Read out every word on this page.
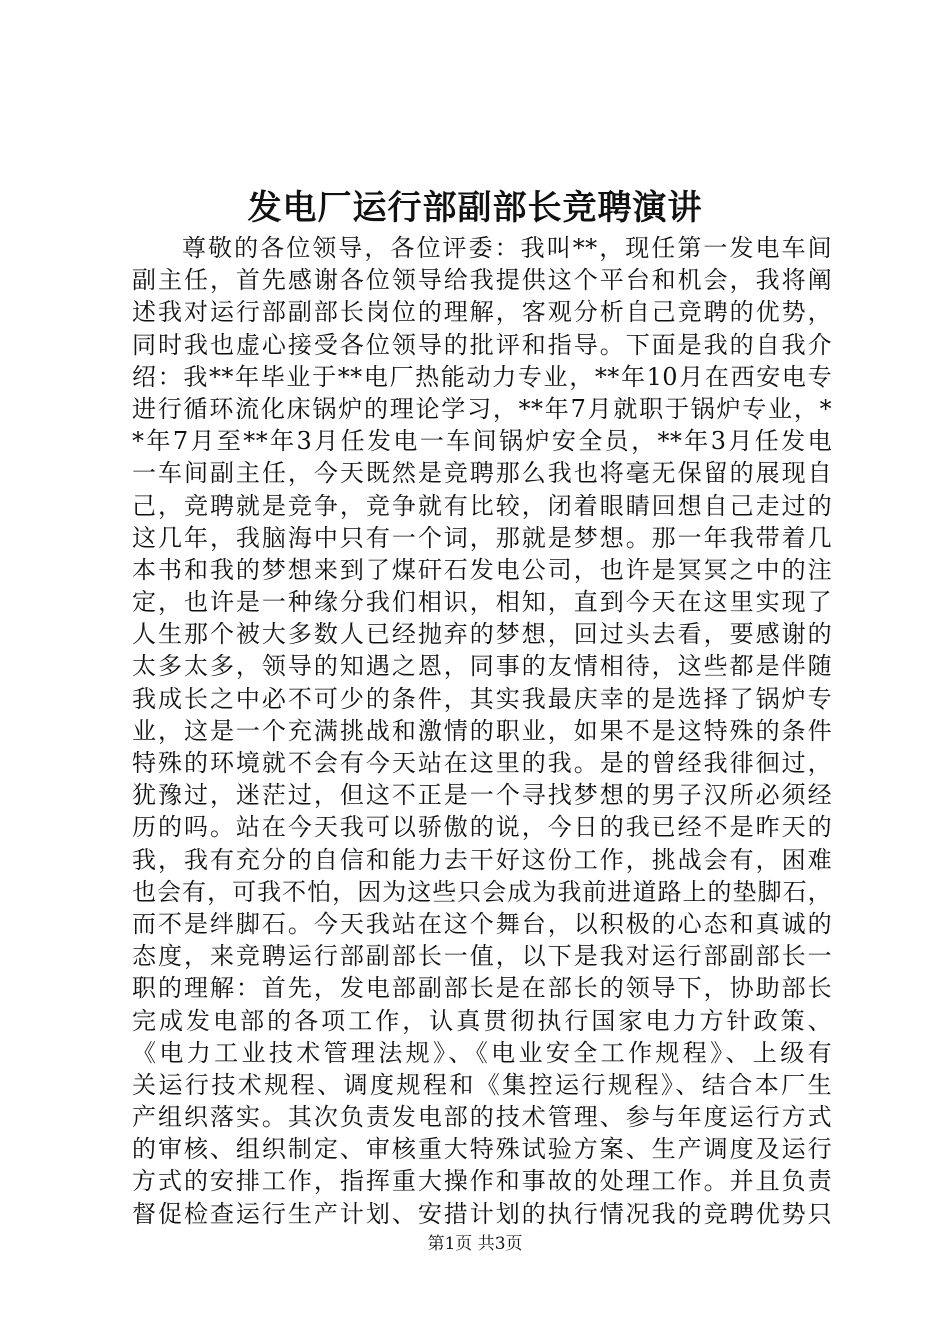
发电厂运行部副部长竞聘演讲
尊敬的各位领导，各位评委：我叫**，现任第一发电车间
副主任，首先感谢各位领导给我提供这个平台和机会，我将阐
述我对运行部副部长岗位的理解，客观分析自己竞聘的优势，
同时我也虚心接受各位领导的批评和指导。下面是我的自我介
绍：我**年毕业于**电厂热能动力专业，**年10月在西安电专
进行循环流化床锅炉的理论学习，**年7月就职于锅炉专业，*
*年7月至**年3月任发电一车间锅炉安全员，**年3月任发电
一车间副主任，今天既然是竞聘那么我也将毫无保留的展现自
己，竞聘就是竞争，竞争就有比较，闭着眼睛回想自己走过的
这几年，我脑海中只有一个词，那就是梦想。那一年我带着几
本书和我的梦想来到了煤矸石发电公司，也许是冥冥之中的注
定，也许是一种缘分我们相识，相知，直到今天在这里实现了
人生那个被大多数人已经抛弃的梦想，回过头去看，要感谢的
太多太多，领导的知遇之恩，同事的友情相待，这些都是伴随
我成长之中必不可少的条件，其实我最庆幸的是选择了锅炉专
业，这是一个充满挑战和激情的职业，如果不是这特殊的条件
特殊的环境就不会有今天站在这里的我。是的曾经我徘徊过，
犹豫过，迷茫过，但这不正是一个寻找梦想的男子汉所必须经
历的吗。站在今天我可以骄傲的说，今日的我已经不是昨天的
我，我有充分的自信和能力去干好这份工作，挑战会有，困难
也会有，可我不怕，因为这些只会成为我前进道路上的垫脚石，
而不是绊脚石。今天我站在这个舞台，以积极的心态和真诚的
态度，来竞聘运行部副部长一值，以下是我对运行部副部长一
职的理解：首先，发电部副部长是在部长的领导下，协助部长
完成发电部的各项工作，认真贯彻执行国家电力方针政策、
《电力工业技术管理法规》、《电业安全工作规程》、上级有
关运行技术规程、调度规程和《集控运行规程》、结合本厂生
产组织落实。其次负责发电部的技术管理、参与年度运行方式
的审核、组织制定、审核重大特殊试验方案、生产调度及运行
方式的安排工作，指挥重大操作和事故的处理工作。并且负责
督促检查运行生产计划、安措计划的执行情况我的竞聘优势只
第1页 共3页
